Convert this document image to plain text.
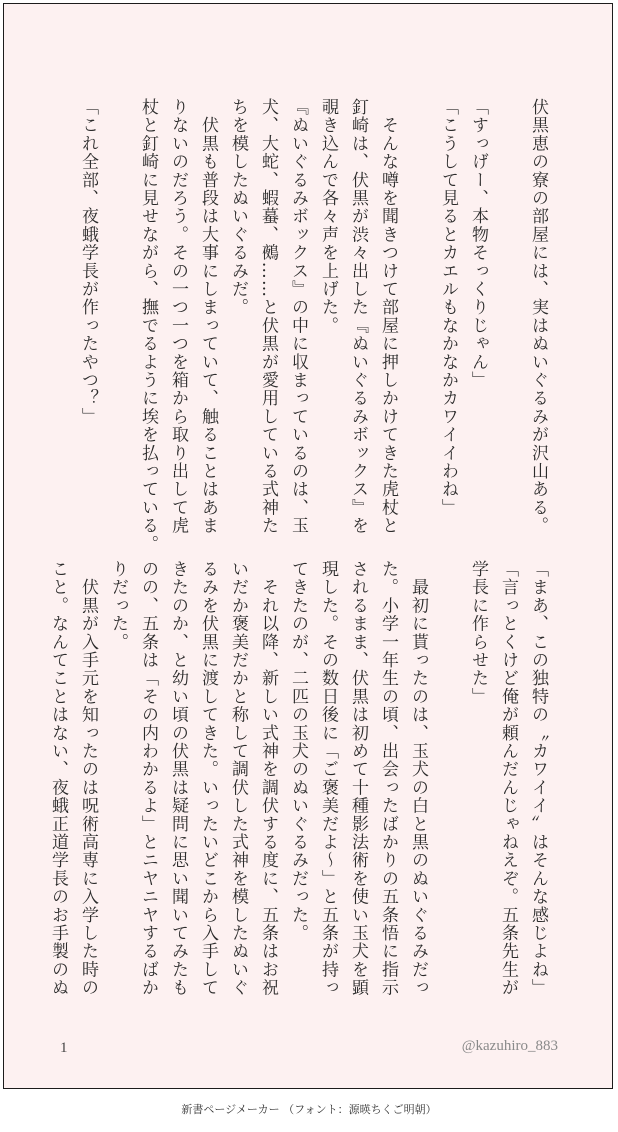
伏黒恵の寮の部屋には、実はぬいぐるみが沢山ある。

「すっげー、本物そっくりじゃん」
「こうして見るとカエルもなかなかカワイイわね」

　そんな噂を聞きつけて部屋に押しかけてきた虎杖と
釘崎は、伏黒が渋々出した『ぬいぐるみボックス』を
覗き込んで各々声を上げた。
『ぬいぐるみボックス』の中に収まっているのは、玉
犬、大蛇、蝦蟇、鵺……と伏黒が愛用している式神た
ちを模したぬいぐるみだ。
　伏黒も普段は大事にしまっていて、触ることはあま
りないのだろう。その一つ一つを箱から取り出して虎
杖と釘崎に見せながら、撫でるように埃を払っている。

「これ全部、夜蛾学長が作ったやつ？」
「まあ、この独特の〝カワイイ〟はそんな感じよね」
「言っとくけど俺が頼んだんじゃねえぞ。五条先生が
学長に作らせた」

　最初に貰ったのは、玉犬の白と黒のぬいぐるみだっ
た。小学一年生の頃、出会ったばかりの五条悟に指示
されるまま、伏黒は初めて十種影法術を使い玉犬を顕
現した。その数日後に「ご褒美だよ〜」と五条が持っ
てきたのが、二匹の玉犬のぬいぐるみだった。
　それ以降、新しい式神を調伏する度に、五条はお祝
いだか褒美だかと称して調伏した式神を模したぬいぐ
るみを伏黒に渡してきた。いったいどこから入手して
きたのか、と幼い頃の伏黒は疑問に思い聞いてみたも
のの、五条は「その内わかるよ」とニヤニヤするばか
りだった。
　伏黒が入手元を知ったのは呪術高専に入学した時の
こと。なんてことはない、夜蛾正道学長のお手製のぬ
1	@kazuhiro_883
新書ページメーカー （フォント：源暎ちくご明朝）
